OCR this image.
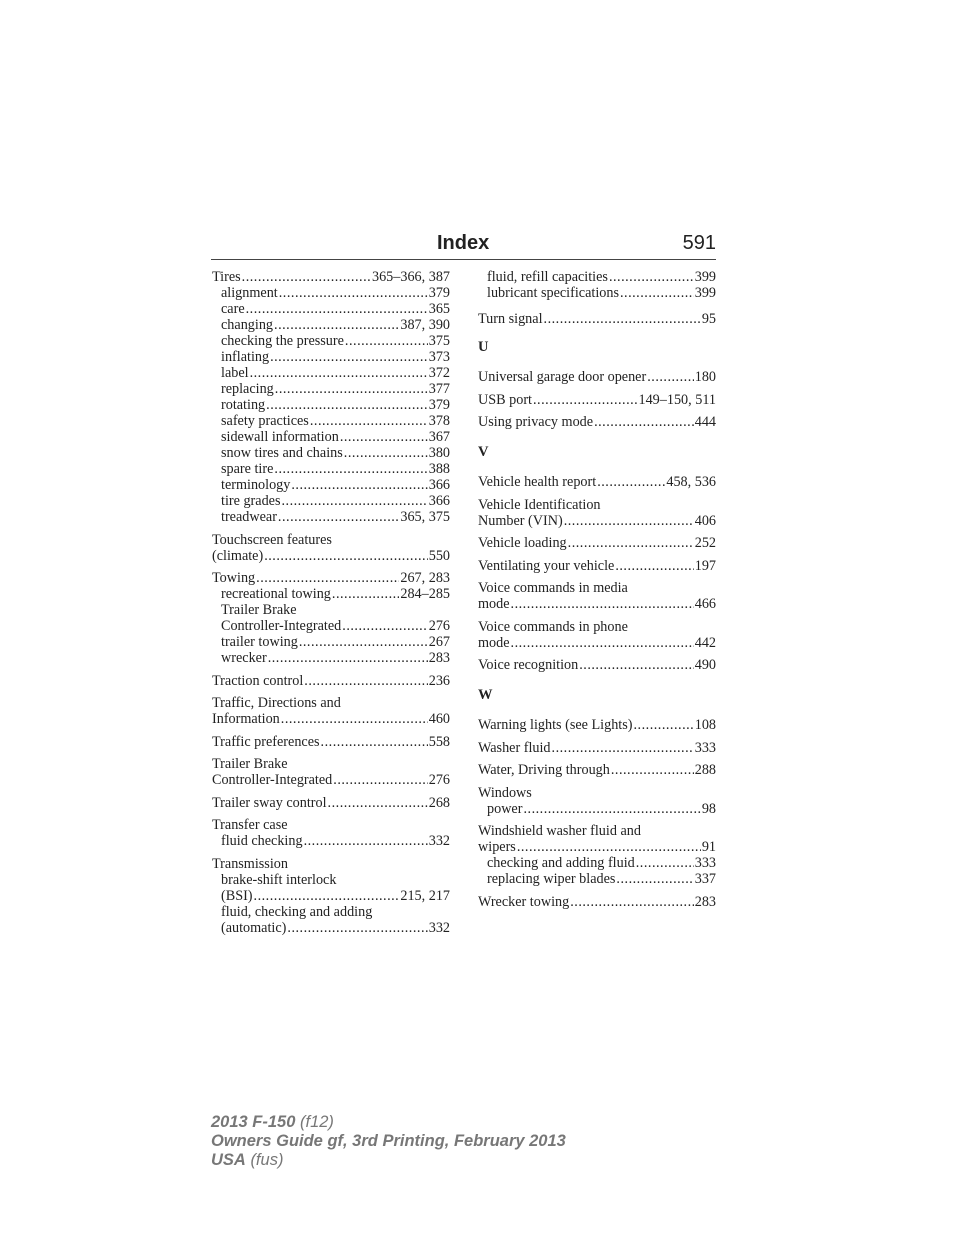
Index	591
Tires .....	365–366, 387
alignment .....	379
care .....	365
changing .....	387, 390
checking the pressure .....	375
inflating .....	373
label .....	372
replacing .....	377
rotating .....	379
safety practices .....	378
sidewall information .....	367
snow tires and chains .....	380
spare tire .....	388
terminology .....	366
tire grades .....	366
treadwear .....	365, 375
Touchscreen features
(climate) .....	550
Towing .....	267, 283
recreational towing .....	284–285
Trailer Brake
Controller-Integrated .....	276
trailer towing .....	267
wrecker .....	283
Traction control .....	236
Traffic, Directions and
Information .....	460
Traffic preferences .....	558
Trailer Brake
Controller-Integrated .....	276
Trailer sway control .....	268
Transfer case
fluid checking .....	332
Transmission
brake-shift interlock
(BSI) .....	215, 217
fluid, checking and adding
(automatic) .....	332
fluid, refill capacities .....	399
lubricant specifications .....	399
Turn signal .....	95
U
Universal garage door opener .....	180
USB port .....	149–150, 511
Using privacy mode .....	444
V
Vehicle health report .....	458, 536
Vehicle Identification
Number (VIN) .....	406
Vehicle loading .....	252
Ventilating your vehicle .....	197
Voice commands in media
mode .....	466
Voice commands in phone
mode .....	442
Voice recognition .....	490
W
Warning lights (see Lights) .....	108
Washer fluid .....	333
Water, Driving through .....	288
Windows
power .....	98
Windshield washer fluid and
wipers .....	91
checking and adding fluid .....	333
replacing wiper blades .....	337
Wrecker towing .....	283
2013 F-150 (f12)
Owners Guide gf, 3rd Printing, February 2013
USA (fus)
